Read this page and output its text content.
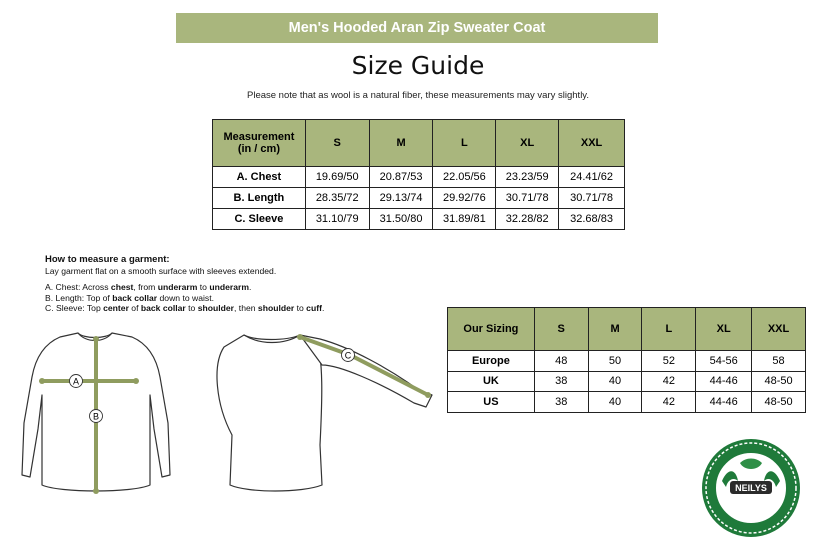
Men's Hooded Aran Zip Sweater Coat
Size Guide
Please note that as wool is a natural fiber, these measurements may vary slightly.
Measurement
(in / cm)	S	M	L	XL	XXL
A. Chest	19.69/50	20.87/53	22.05/56	23.23/59	24.41/62
B. Length	28.35/72	29.13/74	29.92/76	30.71/78	30.71/78
C. Sleeve	31.10/79	31.50/80	31.89/81	32.28/82	32.68/83

How to measure a garment:

Lay garment flat on a smooth surface with sleeves extended.

A. Chest: Across chest, from underarm to underarm.

B. Length: Top of back collar down to waist.

C. Sleeve: Top center of back collar to shoulder, then shoulder to cuff.

A
B
C
Our Sizing	S	M	L	XL	XXL
Europe	48	50	52	54-56	58
UK	38	40	42	44-46	48-50
US	38	40	42	44-46	48-50
NEILYS
NEILYS IRISH DANCE & GIFTS
